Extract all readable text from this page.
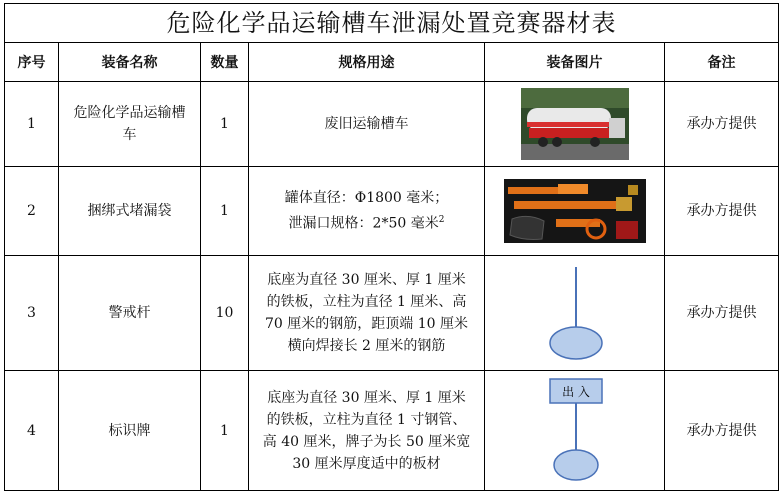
危险化学品运输槽车泄漏处置竞赛器材表					
序号	装备名称	数量	规格用途	装备图片	备注
1	危险化学品运输槽车	1	废旧运输槽车		承办方提供
2	捆绑式堵漏袋	1	罐体直径：Φ1800 毫米；
泄漏口规格：2*50 毫米$^2$		承办方提供
3	警戒杆	10	底座为直径 30 厘米、厚 1 厘米
的铁板，立柱为直径 1 厘米、高
70 厘米的钢筋，距顶端 10 厘米
横向焊接长 2 厘米的钢筋		承办方提供
4	标识牌	1	底座为直径 30 厘米、厚 1 厘米
的铁板，立柱为直径 1 寸钢管、
高 40 厘米，牌子为长 50 厘米宽
30 厘米厚度适中的板材	出 入	承办方提供
